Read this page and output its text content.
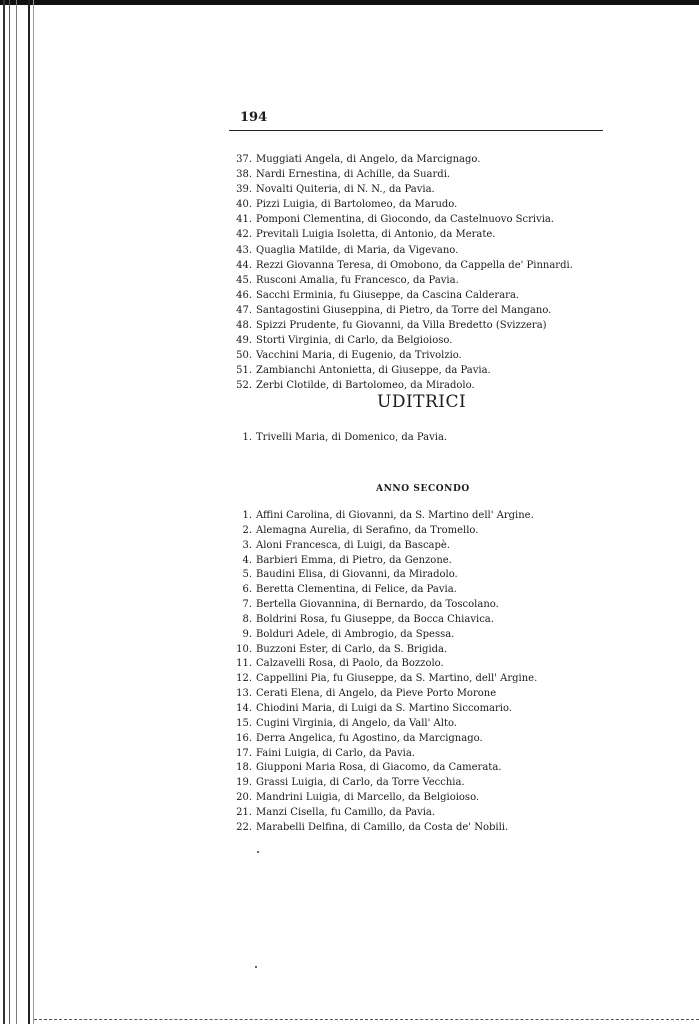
194
37. Muggiati Angela, di Angelo, da Marcignago.
38. Nardi Ernestina, di Achille, da Suardi.
39. Novalti Quiteria, di N. N., da Pavia.
40. Pizzi Luigia, di Bartolomeo, da Marudo.
41. Pomponi Clementina, di Giocondo, da Castelnuovo Scrivia.
42. Previtali Luigia Isoletta, di Antonio, da Merate.
43. Quaglia Matilde, di Maria, da Vigevano.
44. Rezzi Giovanna Teresa, di Omobono, da Cappella de' Pinnardi.
45. Rusconi Amalia, fu Francesco, da Pavia.
46. Sacchi Erminia, fu Giuseppe, da Cascina Calderara.
47. Santagostini Giuseppina, di Pietro, da Torre del Mangano.
48. Spizzi Prudente, fu Giovanni, da Villa Bredetto (Svizzera)
49. Storti Virginia, di Carlo, da Belgioioso.
50. Vacchini Maria, di Eugenio, da Trivolzio.
51. Zambianchi Antonietta, di Giuseppe, da Pavia.
52. Zerbi Clotilde, di Bartolomeo, da Miradolo.
UDITRICI
1. Trivelli Maria, di Domenico, da Pavia.
ANNO SECONDO
1. Affini Carolina, di Giovanni, da S. Martino dell' Argine.
2. Alemagna Aurelia, di Serafino, da Tromello.
3. Aloni Francesca, di Luigi, da Bascapè.
4. Barbieri Emma, di Pietro, da Genzone.
5. Baudini Elisa, di Giovanni, da Miradolo.
6. Beretta Clementina, di Felice, da Pavia.
7. Bertella Giovannina, di Bernardo, da Toscolano.
8. Boldrini Rosa, fu Giuseppe, da Bocca Chiavica.
9. Bolduri Adele, di Ambrogio, da Spessa.
10. Buzzoni Ester, di Carlo, da S. Brigida.
11. Calzavelli Rosa, di Paolo, da Bozzolo.
12. Cappellini Pia, fu Giuseppe, da S. Martino, dell' Argine.
13. Cerati Elena, di Angelo, da Pieve Porto Morone
14. Chiodini Maria, di Luigi da S. Martino Siccomario.
15. Cugini Virginia, di Angelo, da Vall' Alto.
16. Derra Angelica, fu Agostino, da Marcignago.
17. Faini Luigia, di Carlo, da Pavia.
18. Giupponi Maria Rosa, di Giacomo, da Camerata.
19. Grassi Luigia, di Carlo, da Torre Vecchia.
20. Mandrini Luigia, di Marcello, da Belgioioso.
21. Manzi Cisella, fu Camillo, da Pavia.
22. Marabelli Delfina, di Camillo, da Costa de' Nobili.
